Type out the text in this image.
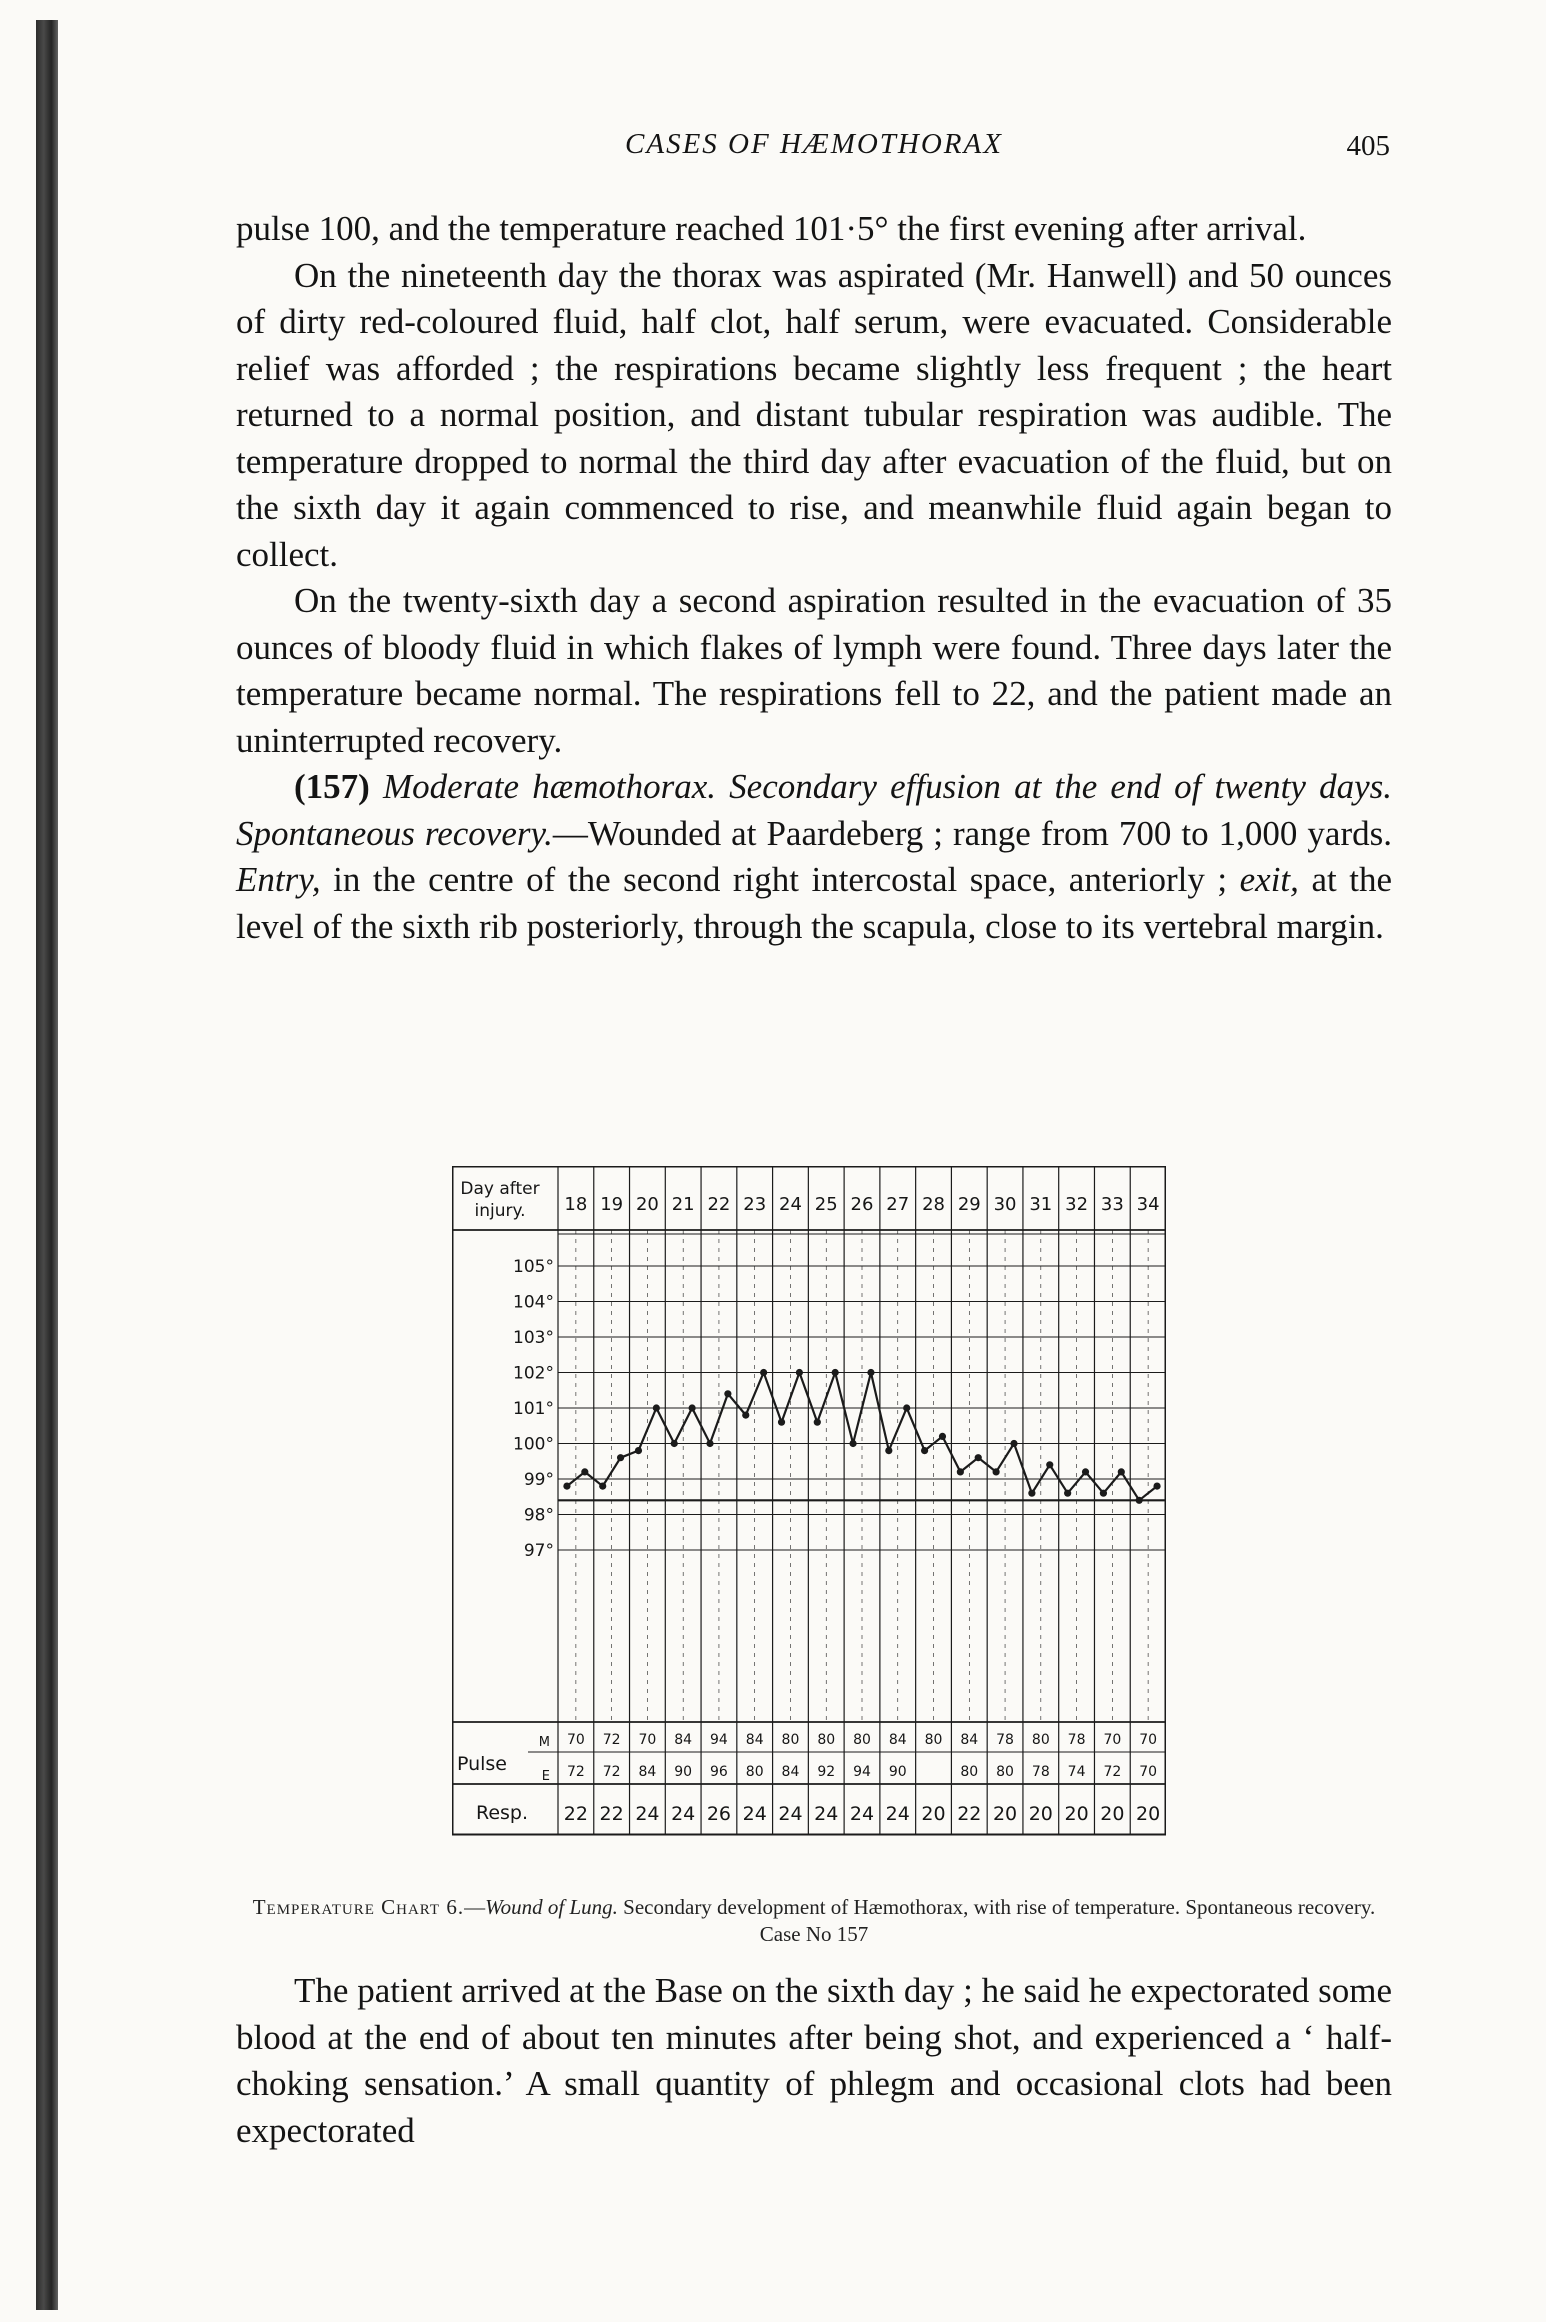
CASES OF HÆMOTHORAX	405

pulse 100, and the temperature reached 101·5° the first evening after arrival.

On the nineteenth day the thorax was aspirated (Mr. Hanwell) and 50 ounces of dirty red-coloured fluid, half clot, half serum, were evacuated. Considerable relief was afforded ; the respirations became slightly less frequent ; the heart returned to a normal position, and distant tubular respiration was audible. The temperature dropped to normal the third day after evacuation of the fluid, but on the sixth day it again commenced to rise, and meanwhile fluid again began to collect.

On the twenty-sixth day a second aspiration resulted in the evacuation of 35 ounces of bloody fluid in which flakes of lymph were found. Three days later the temperature became normal. The respirations fell to 22, and the patient made an uninterrupted recovery.

(157) Moderate hæmothorax. Secondary effusion at the end of twenty days. Spontaneous recovery.—Wounded at Paardeberg ; range from 700 to 1,000 yards. Entry, in the centre of the second right intercostal space, anteriorly ; exit, at the level of the sixth rib posteriorly, through the scapula, close to its vertebral margin.

Day after
injury. 18 19 20 21 22 23 24 25 26 27 28 29 30 31 32 33 34
105°
104°
103°
102°
101°
100°
99°
98°
97°
Pulse
M
E
Resp.
70
72
22
72
72
22
70
84
24
84
90
24
94
96
26
84
80
24
80
84
24
80
92
24
80
94
24
84
90
24
80
20
84
80
22
78
80
20
80
78
20
78
74
20
70
72
20
70
70
20
Temperature Chart 6.—Wound of Lung. Secondary development of Hæmothorax, with rise of temperature. Spontaneous recovery. Case No 157

The patient arrived at the Base on the sixth day ; he said he expectorated some blood at the end of about ten minutes after being shot, and experienced a ‘ half-choking sensation.’ A small quantity of phlegm and occasional clots had been expectorated
